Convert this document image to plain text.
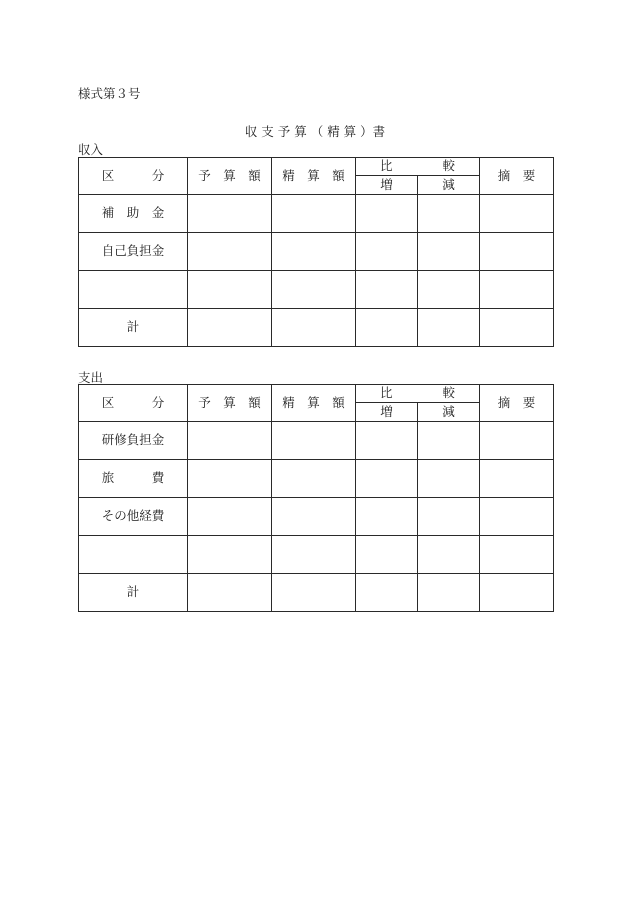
様式第３号
収 支 予 算 （ 精 算 ）書
収入
区　　　分	予　算　額	精　算　額	比　　　　較		摘　要
			増	減	
補　助　金					
自己負担金					

計					
支出
区　　　分	予　算　額	精　算　額	比　　　　較		摘　要
			増	減	
研修負担金					
旅　　　費					
その他経費					

計					
